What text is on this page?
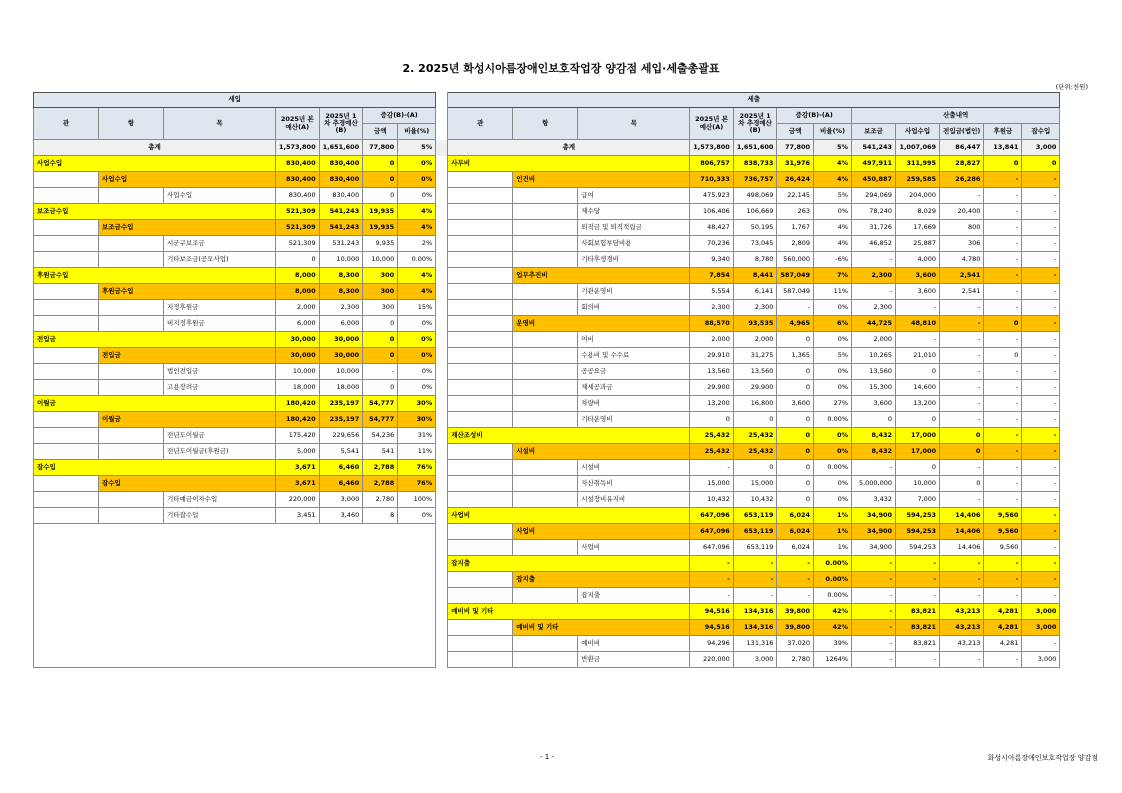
2. 2025년 화성시아름장애인보호작업장 양감점 세입·세출총괄표
(단위:천원)
세입								세출											
관	항	목	2025년 본예산(A)	2025년 1차 추경예산(B)	증감(B)-(A)			관	항	목	2025년 본예산(A)	2025년 1차 추경예산(B)	증감(B)-(A)		산출내역				
					금액	비율(%)							금액	비율(%)	보조금	사업수입	전입금(법인)	후원금	잡수입
총계			1,573,800	1,651,600	77,800	5%		총계			1,573,800	1,651,600	77,800	5%	541,243	1,007,069	86,447	13,841	3,000
사업수입			830,400	830,400	0	0%		사무비			806,757	838,733	31,976	4%	497,911	311,995	28,827	0	0
	사업수입		830,400	830,400	0	0%			인건비		710,333	736,757	26,424	4%	450,887	259,585	26,286	-	-
		사업수입	830,400	830,400	0	0%				급여	475,923	498,069	22,145	5%	294,069	204,000	-	-	-
보조금수입			521,309	541,243	19,935	4%				제수당	106,406	106,669	263	0%	78,240	8,029	20,400	-	-
	보조금수입		521,309	541,243	19,935	4%				퇴직금 및 퇴직적립금	48,427	50,195	1,767	4%	31,726	17,669	800	-	-
		시군구보조금	521,309	531,243	9,935	2%				사회보험부담비용	70,236	73,045	2,809	4%	46,852	25,887	306	-	-
		기타보조금(공모사업)	0	10,000	10,000	0.00%				기타후생경비	9,340	8,780	560,000	-6%	-	4,000	4,780	-	-
후원금수입			8,000	8,300	300	4%			업무추진비		7,854	8,441	587,049	7%	2,300	3,600	2,541	-	-
	후원금수입		8,000	8,300	300	4%				기관운영비	5,554	6,141	587,049	11%	-	3,600	2,541	-	-
		지정후원금	2,000	2,300	300	15%				회의비	2,300	2,300	-	0%	2,300	-	-	-	-
		비지정후원금	6,000	6,000	0	0%			운영비		88,570	93,535	4,965	6%	44,725	48,810	-	0	-
전입금			30,000	30,000	0	0%				여비	2,000	2,000	0	0%	2,000	-	-	-	-
	전입금		30,000	30,000	0	0%				수용비 및 수수료	29,910	31,275	1,365	5%	10,265	21,010	-	0	-
		법인전입금	10,000	10,000	-	0%				공공요금	13,560	13,560	0	0%	13,560	0	-	-	-
		고용장려금	18,000	18,000	0	0%				제세공과금	29,900	29,900	0	0%	15,300	14,600	-	-	-
이월금			180,420	235,197	54,777	30%				차량비	13,200	16,800	3,600	27%	3,600	13,200	-	-	-
	이월금		180,420	235,197	54,777	30%				기타운영비	0	0	0	0.00%	0	0	-	-	-
		전년도이월금	175,420	229,656	54,236	31%		재산조성비			25,432	25,432	0	0%	8,432	17,000	0	-	-
		전년도이월금(후원금)	5,000	5,541	541	11%			시설비		25,432	25,432	0	0%	8,432	17,000	0	-	-
잡수입			3,671	6,460	2,788	76%				시설비	-	0	0	0.00%	-	0	-	-	-
	잡수입		3,671	6,460	2,788	76%				자산취득비	15,000	15,000	0	0%	5,000,000	10,000	0	-	-
		기타예금이자수입	220,000	3,000	2,780	100%				시설장비유지비	10,432	10,432	0	0%	3,432	7,000	-	-	-
		기타잡수입	3,451	3,460	8	0%		사업비			647,096	653,119	6,024	1%	34,900	594,253	14,406	9,560	-
									사업비		647,096	653,119	6,024	1%	34,900	594,253	14,406	9,560	-
										사업비	647,096	653,119	6,024	1%	34,900	594,253	14,406	9,560	-
								잡지출			-	-	-	0.00%	-	-	-	-	-
									잡지출		-	-	-	0.00%	-	-	-	-	-
										잡지출	-	-	-	0.00%	-	-	-	-	-
								예비비 및 기타			94,516	134,316	39,800	42%	-	83,821	43,213	4,281	3,000
									예비비 및 기타		94,516	134,316	39,800	42%	-	83,821	43,213	4,281	3,000
										예비비	94,296	131,316	37,020	39%	-	83,821	43,213	4,281	-
										반환금	220,000	3,000	2,780	1264%	-	-	-	-	3,000
- 1 -	화성시아름장애인보호작업장 양감점
